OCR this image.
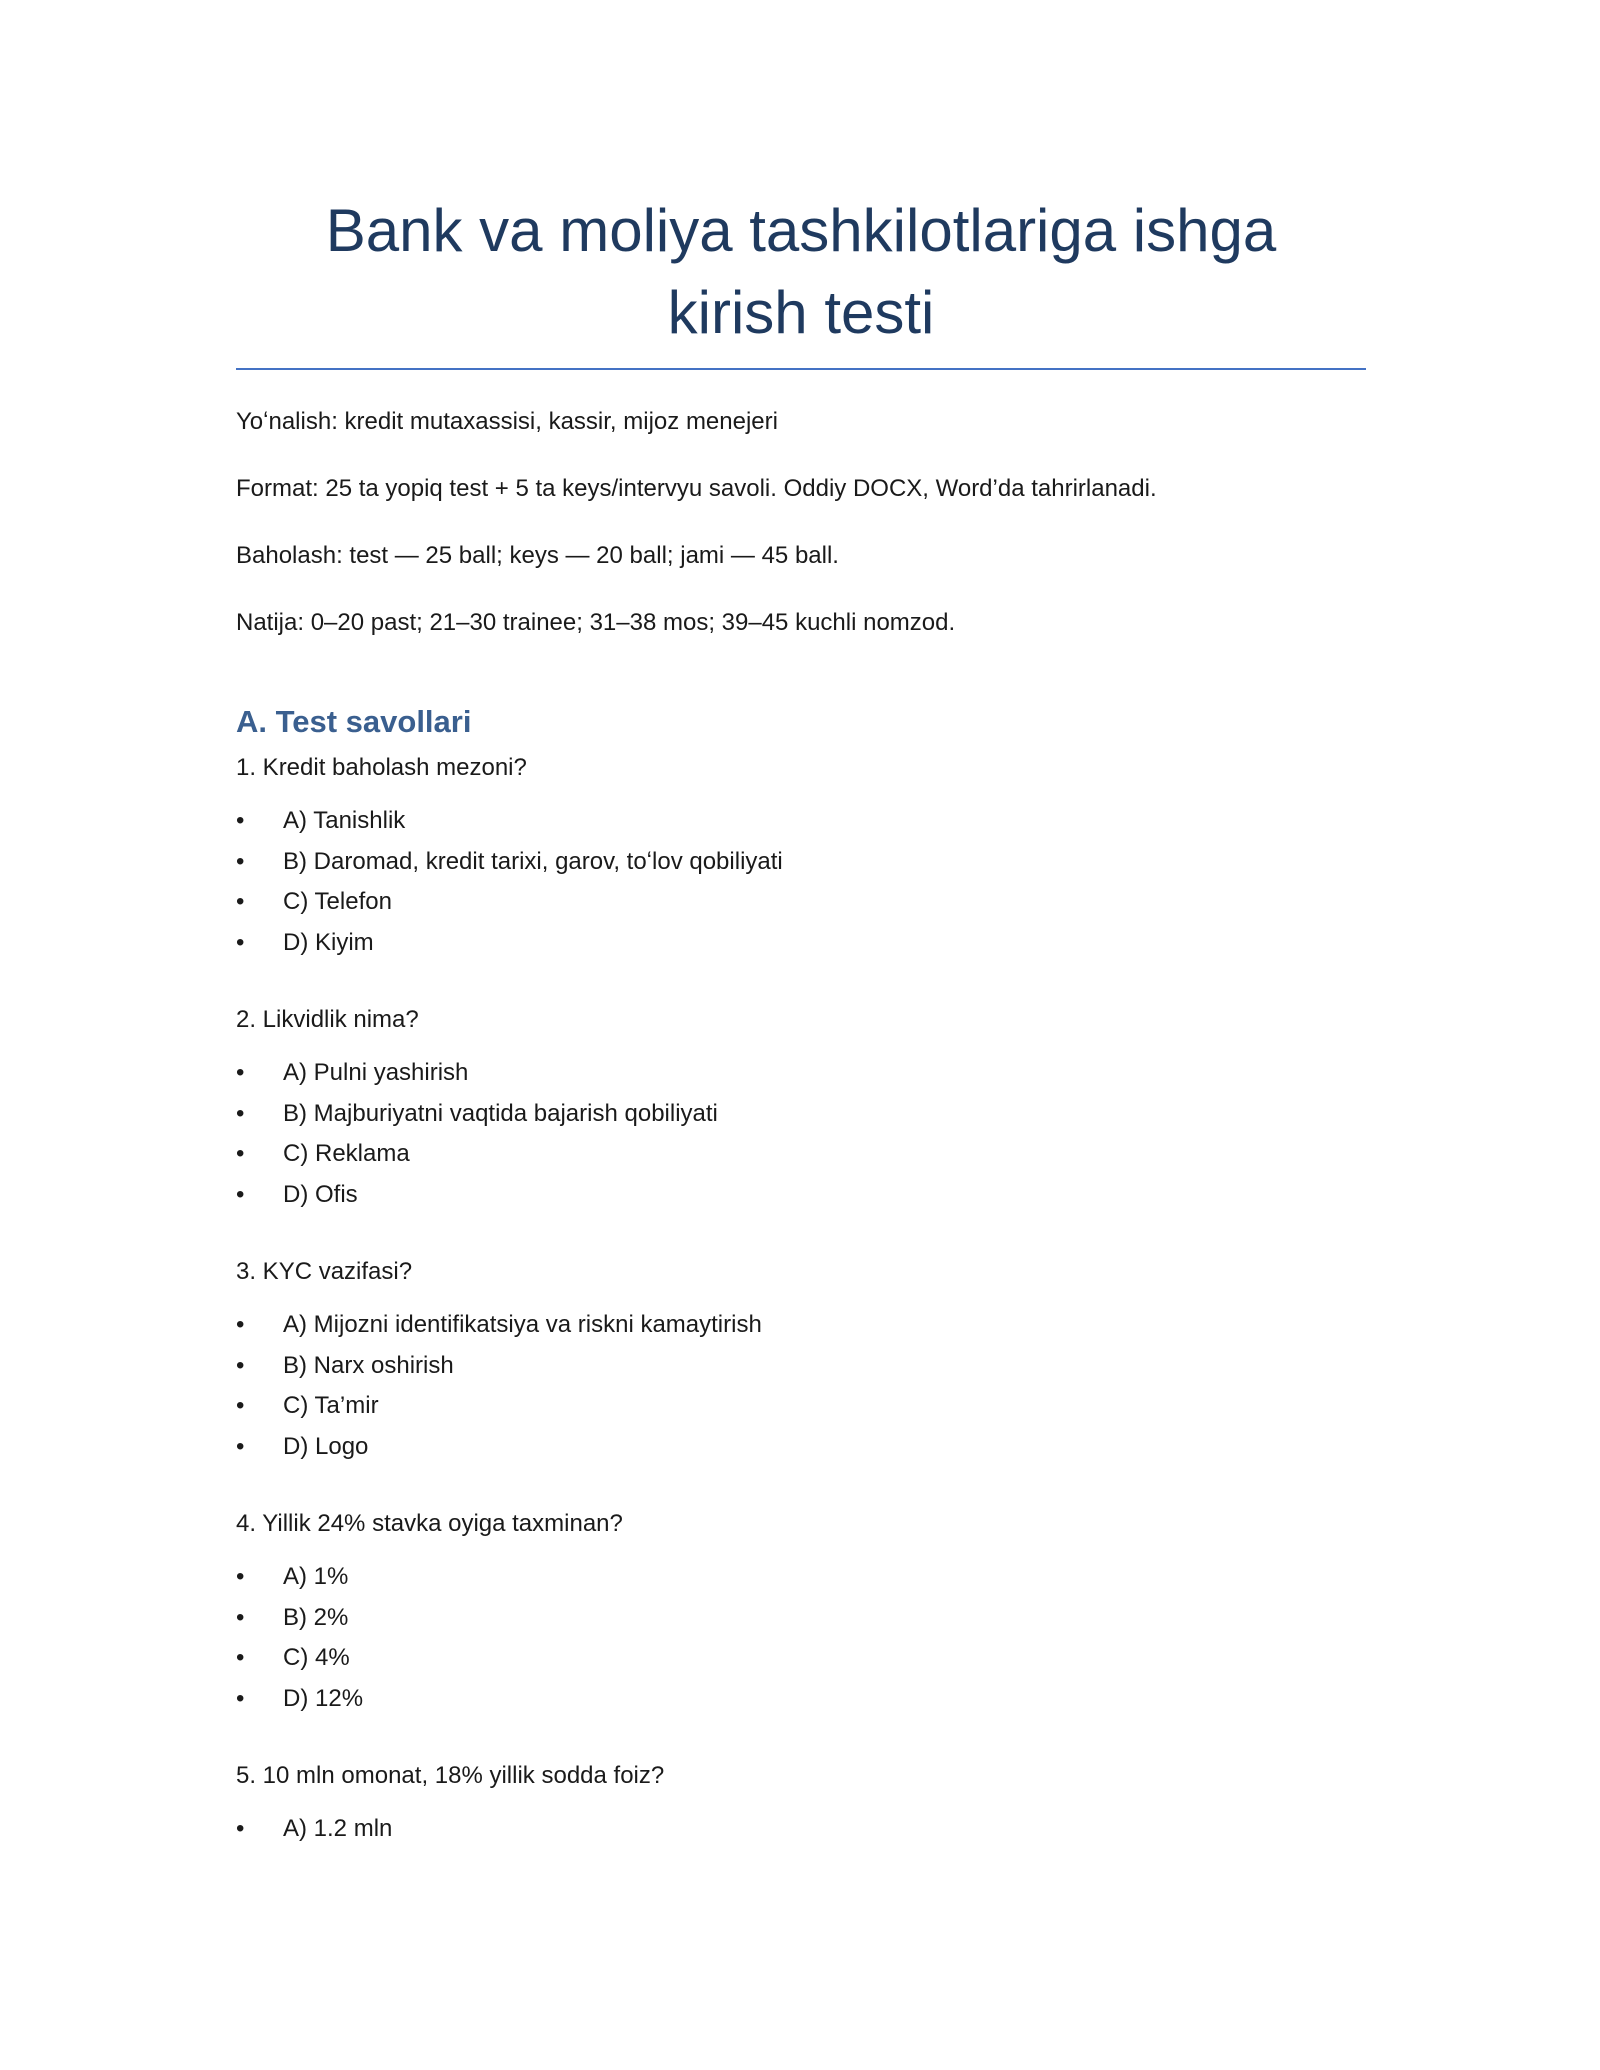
Bank va moliya tashkilotlariga ishga
kirish testi

Yoʻnalish: kredit mutaxassisi, kassir, mijoz menejeri

Format: 25 ta yopiq test + 5 ta keys/intervyu savoli. Oddiy DOCX, Word’da tahrirlanadi.

Baholash: test — 25 ball; keys — 20 ball; jami — 45 ball.

Natija: 0–20 past; 21–30 trainee; 31–38 mos; 39–45 kuchli nomzod.

A. Test savollari

1. Kredit baholash mezoni?

• A) Tanishlik
• B) Daromad, kredit tarixi, garov, toʻlov qobiliyati
• C) Telefon
• D) Kiyim

2. Likvidlik nima?

• A) Pulni yashirish
• B) Majburiyatni vaqtida bajarish qobiliyati
• C) Reklama
• D) Ofis

3. KYC vazifasi?

• A) Mijozni identifikatsiya va riskni kamaytirish
• B) Narx oshirish
• C) Ta’mir
• D) Logo

4. Yillik 24% stavka oyiga taxminan?

• A) 1%
• B) 2%
• C) 4%
• D) 12%

5. 10 mln omonat, 18% yillik sodda foiz?

• A) 1.2 mln
